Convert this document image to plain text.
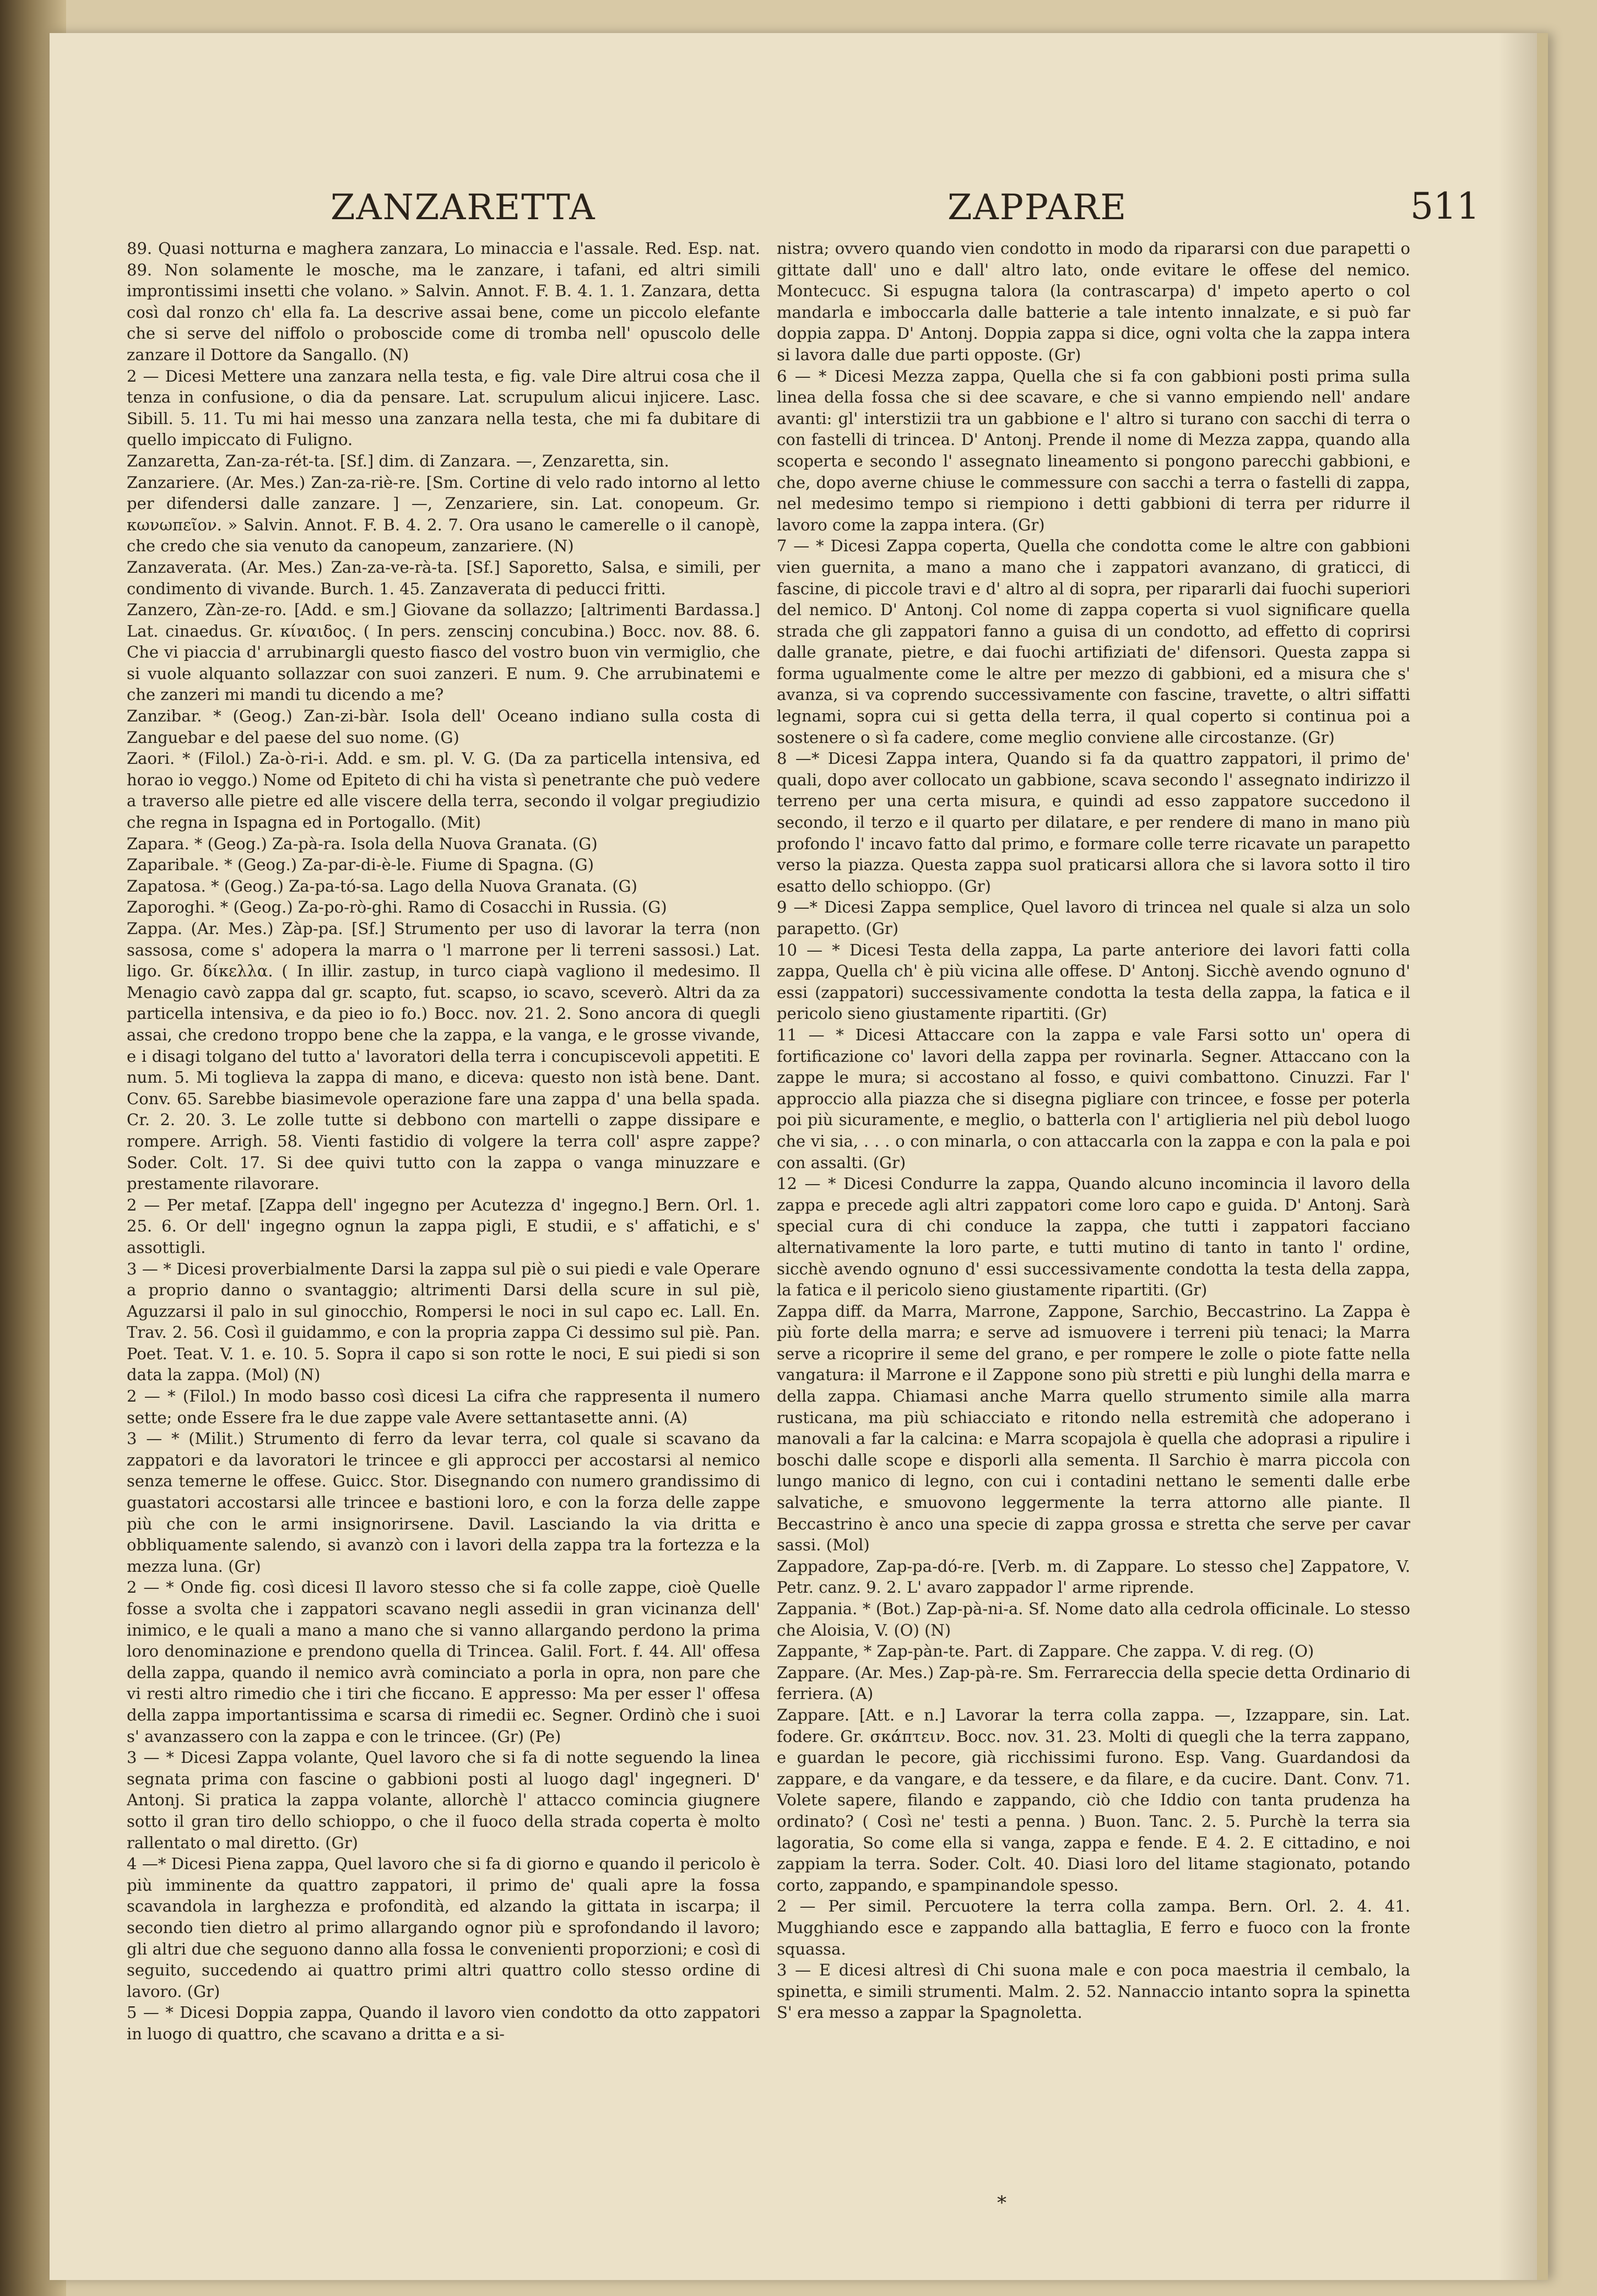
ZANZARETTA	ZAPPARE	511

89. Quasi notturna e maghera zanzara, Lo minaccia e l'assale. Red. Esp. nat. 89. Non solamente le mosche, ma le zanzare, i tafani, ed altri simili improntissimi insetti che volano. » Salvin. Annot. F. B. 4. 1. 1. Zanzara, detta così dal ronzo ch' ella fa. La descrive assai bene, come un piccolo elefante che si serve del niffolo o proboscide come di tromba nell' opuscolo delle zanzare il Dottore da Sangallo. (N)

2 — Dicesi Mettere una zanzara nella testa, e fig. vale Dire altrui cosa che il tenza in confusione, o dia da pensare. Lat. scrupulum alicui injicere. Lasc. Sibill. 5. 11. Tu mi hai messo una zanzara nella testa, che mi fa dubitare di quello impiccato di Fuligno.

Zanzaretta, Zan-za-rét-ta. [Sf.] dim. di Zanzara. —, Zenzaretta, sin.

Zanzariere. (Ar. Mes.) Zan-za-riè-re. [Sm. Cortine di velo rado intorno al letto per difendersi dalle zanzare. ] —, Zenzariere, sin. Lat. conopeum. Gr. κωνωπεῖον. » Salvin. Annot. F. B. 4. 2. 7. Ora usano le camerelle o il canopè, che credo che sia venuto da canopeum, zanzariere. (N)

Zanzaverata. (Ar. Mes.) Zan-za-ve-rà-ta. [Sf.] Saporetto, Salsa, e simili, per condimento di vivande. Burch. 1. 45. Zanzaverata di peducci fritti.

Zanzero, Zàn-ze-ro. [Add. e sm.] Giovane da sollazzo; [altrimenti Bardassa.] Lat. cinaedus. Gr. κίναιδος. ( In pers. zenscinj concubina.) Bocc. nov. 88. 6. Che vi piaccia d' arrubinargli questo fiasco del vostro buon vin vermiglio, che si vuole alquanto sollazzar con suoi zanzeri. E num. 9. Che arrubinatemi e che zanzeri mi mandi tu dicendo a me?

Zanzibar. * (Geog.) Zan-zi-bàr. Isola dell' Oceano indiano sulla costa di Zanguebar e del paese del suo nome. (G)

Zaori. * (Filol.) Za-ò-ri-i. Add. e sm. pl. V. G. (Da za particella intensiva, ed horao io veggo.) Nome od Epiteto di chi ha vista sì penetrante che può vedere a traverso alle pietre ed alle viscere della terra, secondo il volgar pregiudizio che regna in Ispagna ed in Portogallo. (Mit)

Zapara. * (Geog.) Za-pà-ra. Isola della Nuova Granata. (G)

Zaparibale. * (Geog.) Za-par-di-è-le. Fiume di Spagna. (G)

Zapatosa. * (Geog.) Za-pa-tó-sa. Lago della Nuova Granata. (G)

Zaporoghi. * (Geog.) Za-po-rò-ghi. Ramo di Cosacchi in Russia. (G)

Zappa. (Ar. Mes.) Zàp-pa. [Sf.] Strumento per uso di lavorar la terra (non sassosa, come s' adopera la marra o 'l marrone per li terreni sassosi.) Lat. ligo. Gr. δίκελλα. ( In illir. zastup, in turco ciapà vagliono il medesimo. Il Menagio cavò zappa dal gr. scapto, fut. scapso, io scavo, sceverò. Altri da za particella intensiva, e da pieo io fo.) Bocc. nov. 21. 2. Sono ancora di quegli assai, che credono troppo bene che la zappa, e la vanga, e le grosse vivande, e i disagi tolgano del tutto a' lavoratori della terra i concupiscevoli appetiti. E num. 5. Mi toglieva la zappa di mano, e diceva: questo non istà bene. Dant. Conv. 65. Sarebbe biasimevole operazione fare una zappa d' una bella spada. Cr. 2. 20. 3. Le zolle tutte si debbono con martelli o zappe dissipare e rompere. Arrigh. 58. Vienti fastidio di volgere la terra coll' aspre zappe? Soder. Colt. 17. Si dee quivi tutto con la zappa o vanga minuzzare e prestamente rilavorare.

2 — Per metaf. [Zappa dell' ingegno per Acutezza d' ingegno.] Bern. Orl. 1. 25. 6. Or dell' ingegno ognun la zappa pigli, E studii, e s' affatichi, e s' assottigli.

3 — * Dicesi proverbialmente Darsi la zappa sul piè o sui piedi e vale Operare a proprio danno o svantaggio; altrimenti Darsi della scure in sul piè, Aguzzarsi il palo in sul ginocchio, Rompersi le noci in sul capo ec. Lall. En. Trav. 2. 56. Così il guidammo, e con la propria zappa Ci dessimo sul piè. Pan. Poet. Teat. V. 1. e. 10. 5. Sopra il capo si son rotte le noci, E sui piedi si son data la zappa. (Mol) (N)

2 — * (Filol.) In modo basso così dicesi La cifra che rappresenta il numero sette; onde Essere fra le due zappe vale Avere settantasette anni. (A)

3 — * (Milit.) Strumento di ferro da levar terra, col quale si scavano da zappatori e da lavoratori le trincee e gli approcci per accostarsi al nemico senza temerne le offese. Guicc. Stor. Disegnando con numero grandissimo di guastatori accostarsi alle trincee e bastioni loro, e con la forza delle zappe più che con le armi insignorirsene. Davil. Lasciando la via dritta e obbliquamente salendo, si avanzò con i lavori della zappa tra la fortezza e la mezza luna. (Gr)

2 — * Onde fig. così dicesi Il lavoro stesso che si fa colle zappe, cioè Quelle fosse a svolta che i zappatori scavano negli assedii in gran vicinanza dell' inimico, e le quali a mano a mano che si vanno allargando perdono la prima loro denominazione e prendono quella di Trincea. Galil. Fort. f. 44. All' offesa della zappa, quando il nemico avrà cominciato a porla in opra, non pare che vi resti altro rimedio che i tiri che ficcano. E appresso: Ma per esser l' offesa della zappa importantissima e scarsa di rimedii ec. Segner. Ordinò che i suoi s' avanzassero con la zappa e con le trincee. (Gr) (Pe)

3 — * Dicesi Zappa volante, Quel lavoro che si fa di notte seguendo la linea segnata prima con fascine o gabbioni posti al luogo dagl' ingegneri. D' Antonj. Si pratica la zappa volante, allorchè l' attacco comincia giugnere sotto il gran tiro dello schioppo, o che il fuoco della strada coperta è molto rallentato o mal diretto. (Gr)

4 —* Dicesi Piena zappa, Quel lavoro che si fa di giorno e quando il pericolo è più imminente da quattro zappatori, il primo de' quali apre la fossa scavandola in larghezza e profondità, ed alzando la gittata in iscarpa; il secondo tien dietro al primo allargando ognor più e sprofondando il lavoro; gli altri due che seguono danno alla fossa le convenienti proporzioni; e così di seguito, succedendo ai quattro primi altri quattro collo stesso ordine di lavoro. (Gr)

5 — * Dicesi Doppia zappa, Quando il lavoro vien condotto da otto zappatori in luogo di quattro, che scavano a dritta e a si-

nistra; ovvero quando vien condotto in modo da ripararsi con due parapetti o gittate dall' uno e dall' altro lato, onde evitare le offese del nemico. Montecucc. Si espugna talora (la contrascarpa) d' impeto aperto o col mandarla e imboccarla dalle batterie a tale intento innalzate, e si può far doppia zappa. D' Antonj. Doppia zappa si dice, ogni volta che la zappa intera si lavora dalle due parti opposte. (Gr)

6 — * Dicesi Mezza zappa, Quella che si fa con gabbioni posti prima sulla linea della fossa che si dee scavare, e che si vanno empiendo nell' andare avanti: gl' interstizii tra un gabbione e l' altro si turano con sacchi di terra o con fastelli di trincea. D' Antonj. Prende il nome di Mezza zappa, quando alla scoperta e secondo l' assegnato lineamento si pongono parecchi gabbioni, e che, dopo averne chiuse le commessure con sacchi a terra o fastelli di zappa, nel medesimo tempo si riempiono i detti gabbioni di terra per ridurre il lavoro come la zappa intera. (Gr)

7 — * Dicesi Zappa coperta, Quella che condotta come le altre con gabbioni vien guernita, a mano a mano che i zappatori avanzano, di graticci, di fascine, di piccole travi e d' altro al di sopra, per ripararli dai fuochi superiori del nemico. D' Antonj. Col nome di zappa coperta si vuol significare quella strada che gli zappatori fanno a guisa di un condotto, ad effetto di coprirsi dalle granate, pietre, e dai fuochi artifiziati de' difensori. Questa zappa si forma ugualmente come le altre per mezzo di gabbioni, ed a misura che s' avanza, si va coprendo successivamente con fascine, travette, o altri siffatti legnami, sopra cui si getta della terra, il qual coperto si continua poi a sostenere o sì fa cadere, come meglio conviene alle circostanze. (Gr)

8 —* Dicesi Zappa intera, Quando si fa da quattro zappatori, il primo de' quali, dopo aver collocato un gabbione, scava secondo l' assegnato indirizzo il terreno per una certa misura, e quindi ad esso zappatore succedono il secondo, il terzo e il quarto per dilatare, e per rendere di mano in mano più profondo l' incavo fatto dal primo, e formare colle terre ricavate un parapetto verso la piazza. Questa zappa suol praticarsi allora che si lavora sotto il tiro esatto dello schioppo. (Gr)

9 —* Dicesi Zappa semplice, Quel lavoro di trincea nel quale si alza un solo parapetto. (Gr)

10 — * Dicesi Testa della zappa, La parte anteriore dei lavori fatti colla zappa, Quella ch' è più vicina alle offese. D' Antonj. Sicchè avendo ognuno d' essi (zappatori) successivamente condotta la testa della zappa, la fatica e il pericolo sieno giustamente ripartiti. (Gr)

11 — * Dicesi Attaccare con la zappa e vale Farsi sotto un' opera di fortificazione co' lavori della zappa per rovinarla. Segner. Attaccano con la zappe le mura; si accostano al fosso, e quivi combattono. Cinuzzi. Far l' approccio alla piazza che si disegna pigliare con trincee, e fosse per poterla poi più sicuramente, e meglio, o batterla con l' artiglieria nel più debol luogo che vi sia, . . . o con minarla, o con attaccarla con la zappa e con la pala e poi con assalti. (Gr)

12 — * Dicesi Condurre la zappa, Quando alcuno incomincia il lavoro della zappa e precede agli altri zappatori come loro capo e guida. D' Antonj. Sarà special cura di chi conduce la zappa, che tutti i zappatori facciano alternativamente la loro parte, e tutti mutino di tanto in tanto l' ordine, sicchè avendo ognuno d' essi successivamente condotta la testa della zappa, la fatica e il pericolo sieno giustamente ripartiti. (Gr)

Zappa diff. da Marra, Marrone, Zappone, Sarchio, Beccastrino. La Zappa è più forte della marra; e serve ad ismuovere i terreni più tenaci; la Marra serve a ricoprire il seme del grano, e per rompere le zolle o piote fatte nella vangatura: il Marrone e il Zappone sono più stretti e più lunghi della marra e della zappa. Chiamasi anche Marra quello strumento simile alla marra rusticana, ma più schiacciato e ritondo nella estremità che adoperano i manovali a far la calcina: e Marra scopajola è quella che adoprasi a ripulire i boschi dalle scope e disporli alla sementa. Il Sarchio è marra piccola con lungo manico di legno, con cui i contadini nettano le sementi dalle erbe salvatiche, e smuovono leggermente la terra attorno alle piante. Il Beccastrino è anco una specie di zappa grossa e stretta che serve per cavar sassi. (Mol)

Zappadore, Zap-pa-dó-re. [Verb. m. di Zappare. Lo stesso che] Zappatore, V. Petr. canz. 9. 2. L' avaro zappador l' arme riprende.

Zappania. * (Bot.) Zap-pà-ni-a. Sf. Nome dato alla cedrola officinale. Lo stesso che Aloisia, V. (O) (N)

Zappante, * Zap-pàn-te. Part. di Zappare. Che zappa. V. di reg. (O)

Zappare. (Ar. Mes.) Zap-pà-re. Sm. Ferrareccia della specie detta Ordinario di ferriera. (A)

Zappare. [Att. e n.] Lavorar la terra colla zappa. —, Izzappare, sin. Lat. fodere. Gr. σκάπτειν. Bocc. nov. 31. 23. Molti di quegli che la terra zappano, e guardan le pecore, già ricchissimi furono. Esp. Vang. Guardandosi da zappare, e da vangare, e da tessere, e da filare, e da cucire. Dant. Conv. 71. Volete sapere, filando e zappando, ciò che Iddio con tanta prudenza ha ordinato? ( Così ne' testi a penna. ) Buon. Tanc. 2. 5. Purchè la terra sia lagoratia, So come ella si vanga, zappa e fende. E 4. 2. E cittadino, e noi zappiam la terra. Soder. Colt. 40. Diasi loro del litame stagionato, potando corto, zappando, e spampinandole spesso.

2 — Per simil. Percuotere la terra colla zampa. Bern. Orl. 2. 4. 41. Mugghiando esce e zappando alla battaglia, E ferro e fuoco con la fronte squassa.

3 — E dicesi altresì di Chi suona male e con poca maestria il cembalo, la spinetta, e simili strumenti. Malm. 2. 52. Nannaccio intanto sopra la spinetta S' era messo a zappar la Spagnoletta.

*
